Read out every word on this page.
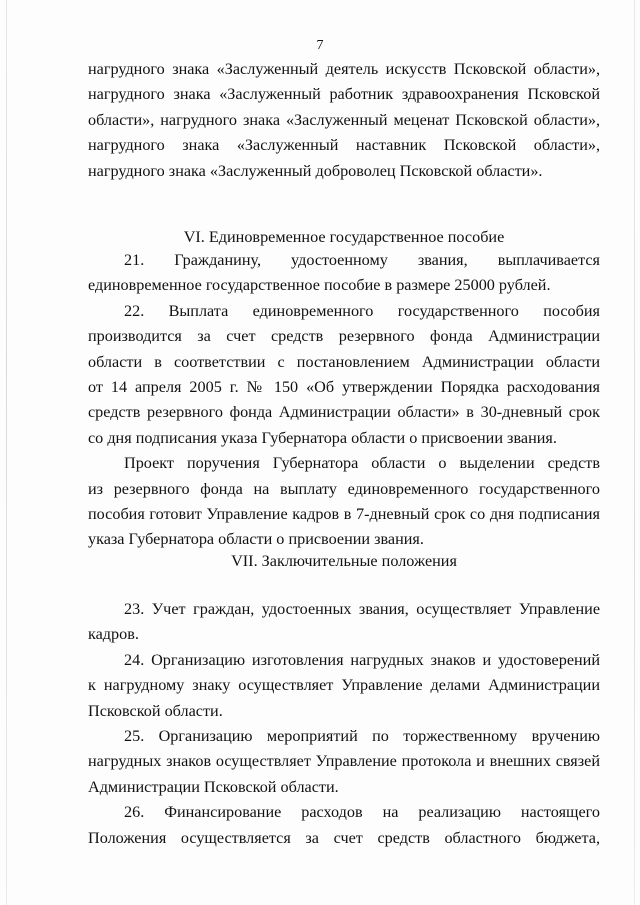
7
нагрудного знака «Заслуженный деятель искусств Псковской области»,
нагрудного знака «Заслуженный работник здравоохранения Псковской
области», нагрудного знака «Заслуженный меценат Псковской области»,
нагрудного знака «Заслуженный наставник Псковской области»,
нагрудного знака «Заслуженный доброволец Псковской области».
VI. Единовременное государственное пособие
21. Гражданину, удостоенному звания, выплачивается
единовременное государственное пособие в размере 25000 рублей.
22. Выплата единовременного государственного пособия
производится за счет средств резервного фонда Администрации
области в соответствии с постановлением Администрации области
от 14 апреля 2005 г. № 150 «Об утверждении Порядка расходования
средств резервного фонда Администрации области» в 30-дневный срок
со дня подписания указа Губернатора области о присвоении звания.
Проект поручения Губернатора области о выделении средств
из резервного фонда на выплату единовременного государственного
пособия готовит Управление кадров в 7-дневный срок со дня подписания
указа Губернатора области о присвоении звания.
VII. Заключительные положения
23. Учет граждан, удостоенных звания, осуществляет Управление
кадров.
24. Организацию изготовления нагрудных знаков и удостоверений
к нагрудному знаку осуществляет Управление делами Администрации
Псковской области.
25. Организацию мероприятий по торжественному вручению
нагрудных знаков осуществляет Управление протокола и внешних связей
Администрации Псковской области.
26. Финансирование расходов на реализацию настоящего
Положения осуществляется за счет средств областного бюджета,
